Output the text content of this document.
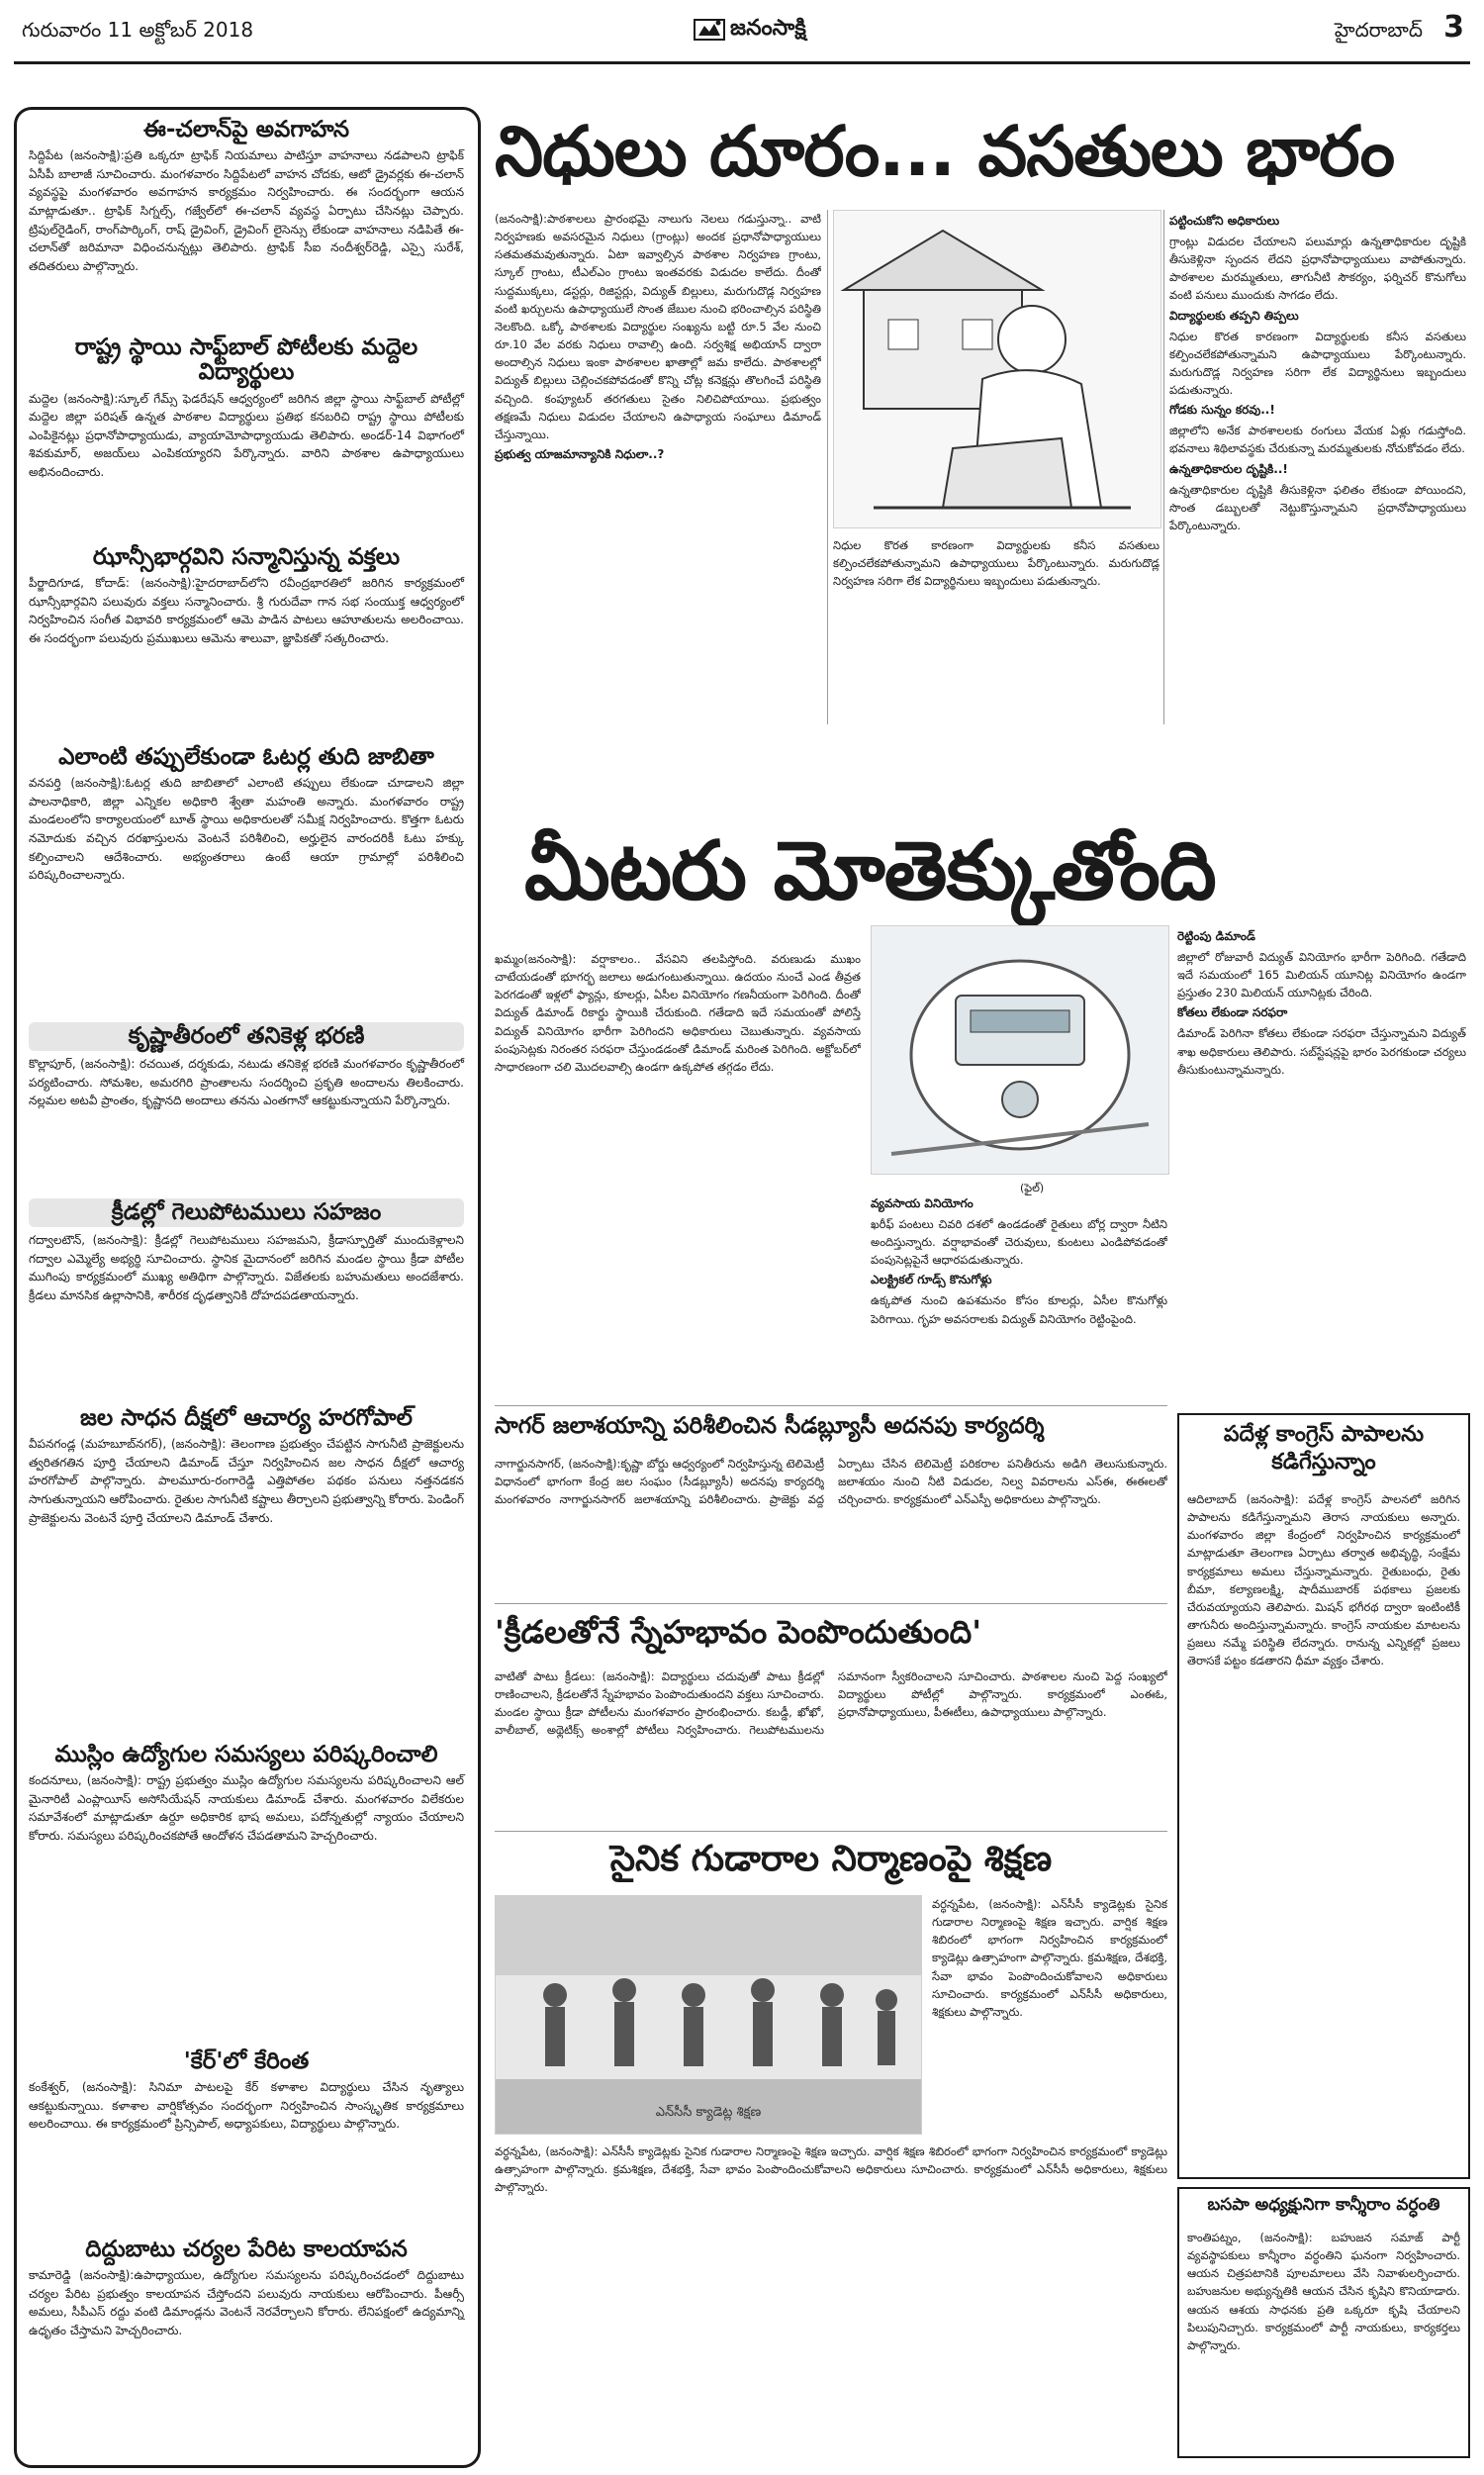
గురువారం 11 అక్టోబర్‌ 2018	జనంసాక్షి	హైదరాబాద్‌ 3
ఈ-చలాన్‌పై అవగాహన

సిద్దిపేట (జనంసాక్షి):ప్రతి ఒక్కరూ ట్రాఫిక్‌ నియమాలు పాటిస్తూ వాహనాలు నడపాలని ట్రాఫిక్‌ ఏసీపీ బాలాజీ సూచించారు. మంగళవారం సిద్దిపేటలో వాహన చోదకు, ఆటో డ్రైవర్లకు ఈ-చలాన్‌ వ్యవస్థపై మంగళవారం అవగాహన కార్యక్రమం నిర్వహించారు. ఈ సందర్భంగా ఆయన మాట్లాడుతూ.. ట్రాఫిక్‌ సిగ్నల్స్‌, గజ్వేల్‌లో ఈ-చలాన్‌ వ్యవస్థ ఏర్పాటు చేసినట్లు చెప్పారు. ట్రిపుల్‌రైడింగ్‌, రాంగ్‌పార్కింగ్‌, రాష్‌ డ్రైవింగ్‌, డ్రైవింగ్‌ లైసెన్సు లేకుండా వాహనాలు నడిపితే ఈ-చలాన్‌తో జరిమానా విధించనున్నట్లు తెలిపారు. ట్రాఫిక్‌ సీఐ నందీశ్వర్‌రెడ్డి, ఎస్సై సురేశ్‌, తదితరులు పాల్గొన్నారు.

రాష్ట్ర స్థాయి సాఫ్ట్‌బాల్‌ పోటీలకు మద్దెల విద్యార్థులు

మద్దెల (జనంసాక్షి):స్కూల్‌ గేమ్స్‌ ఫెడరేషన్‌ ఆధ్వర్యంలో జరిగిన జిల్లా స్థాయి సాఫ్ట్‌బాల్‌ పోటీల్లో మద్దెల జిల్లా పరిషత్‌ ఉన్నత పాఠశాల విద్యార్థులు ప్రతిభ కనబరిచి రాష్ట్ర స్థాయి పోటీలకు ఎంపికైనట్లు ప్రధానోపాధ్యాయుడు, వ్యాయామోపాధ్యాయుడు తెలిపారు. అండర్‌-14 విభాగంలో శివకుమార్‌, అజయ్‌లు ఎంపికయ్యారని పేర్కొన్నారు. వారిని పాఠశాల ఉపాధ్యాయులు అభినందించారు.

ఝాన్సీభార్గవిని సన్మానిస్తున్న వక్తలు

పీర్జాదిగూడ, కోదాడ్‌: (జనంసాక్షి):హైదరాబాద్‌లోని రవీంద్రభారతిలో జరిగిన కార్యక్రమంలో ఝాన్సీభార్గవిని పలువురు వక్తలు సన్మానించారు. శ్రీ గురుదేవా గాన సభ సంయుక్త ఆధ్వర్యంలో నిర్వహించిన సంగీత విభావరి కార్యక్రమంలో ఆమె పాడిన పాటలు ఆహూతులను అలరించాయి. ఈ సందర్భంగా పలువురు ప్రముఖులు ఆమెను శాలువా, జ్ఞాపికతో సత్కరించారు.

ఎలాంటి తప్పులేకుండా ఓటర్ల తుది జాబితా

వనపర్తి (జనంసాక్షి):ఓటర్ల తుది జాబితాలో ఎలాంటి తప్పులు లేకుండా చూడాలని జిల్లా పాలనాధికారి, జిల్లా ఎన్నికల అధికారి శ్వేతా మహంతి అన్నారు. మంగళవారం రాష్ట్ర మండలంలోని కార్యాలయంలో బూత్‌ స్థాయి అధికారులతో సమీక్ష నిర్వహించారు. కొత్తగా ఓటరు నమోదుకు వచ్చిన దరఖాస్తులను వెంటనే పరిశీలించి, అర్హులైన వారందరికీ ఓటు హక్కు కల్పించాలని ఆదేశించారు. అభ్యంతరాలు ఉంటే ఆయా గ్రామాల్లో పరిశీలించి పరిష్కరించాలన్నారు.

కృష్ణాతీరంలో తనికెళ్ల భరణి

కొల్లాపూర్‌, (జనంసాక్షి): రచయిత, దర్శకుడు, నటుడు తనికెళ్ల భరణి మంగళవారం కృష్ణాతీరంలో పర్యటించారు. సోమశిల, అమరగిరి ప్రాంతాలను సందర్శించి ప్రకృతి అందాలను తిలకించారు. నల్లమల అటవీ ప్రాంతం, కృష్ణానది అందాలు తనను ఎంతగానో ఆకట్టుకున్నాయని పేర్కొన్నారు.

క్రీడల్లో గెలుపోటములు సహజం

గద్వాలటౌన్‌, (జనంసాక్షి): క్రీడల్లో గెలుపోటములు సహజమని, క్రీడాస్ఫూర్తితో ముందుకెళ్లాలని గద్వాల ఎమ్మెల్యే అభ్యర్థి సూచించారు. స్థానిక మైదానంలో జరిగిన మండల స్థాయి క్రీడా పోటీల ముగింపు కార్యక్రమంలో ముఖ్య అతిథిగా పాల్గొన్నారు. విజేతలకు బహుమతులు అందజేశారు. క్రీడలు మానసిక ఉల్లాసానికి, శారీరక దృఢత్వానికి దోహదపడతాయన్నారు.

జల సాధన దీక్షలో ఆచార్య హరగోపాల్‌

వీపనగండ్ల (మహబూబ్‌నగర్‌), (జనంసాక్షి): తెలంగాణ ప్రభుత్వం చేపట్టిన సాగునీటి ప్రాజెక్టులను త్వరితగతిన పూర్తి చేయాలని డిమాండ్‌ చేస్తూ నిర్వహించిన జల సాధన దీక్షలో ఆచార్య హరగోపాల్‌ పాల్గొన్నారు. పాలమూరు-రంగారెడ్డి ఎత్తిపోతల పథకం పనులు నత్తనడకన సాగుతున్నాయని ఆరోపించారు. రైతుల సాగునీటి కష్టాలు తీర్చాలని ప్రభుత్వాన్ని కోరారు. పెండింగ్‌ ప్రాజెక్టులను వెంటనే పూర్తి చేయాలని డిమాండ్‌ చేశారు.

ముస్లిం ఉద్యోగుల సమస్యలు పరిష్కరించాలి

కందనూలు, (జనంసాక్షి): రాష్ట్ర ప్రభుత్వం ముస్లిం ఉద్యోగుల సమస్యలను పరిష్కరించాలని ఆల్‌ మైనారిటీ ఎంప్లాయీస్‌ అసోసియేషన్‌ నాయకులు డిమాండ్‌ చేశారు. మంగళవారం విలేకరుల సమావేశంలో మాట్లాడుతూ ఉర్దూ అధికారిక భాష అమలు, పదోన్నతుల్లో న్యాయం చేయాలని కోరారు. సమస్యలు పరిష్కరించకపోతే ఆందోళన చేపడతామని హెచ్చరించారు.

'కేర్‌'లో కేరింత

కంకేశ్వర్‌, (జనంసాక్షి): సినిమా పాటలపై కేర్‌ కళాశాల విద్యార్థులు చేసిన నృత్యాలు ఆకట్టుకున్నాయి. కళాశాల వార్షికోత్సవం సందర్భంగా నిర్వహించిన సాంస్కృతిక కార్యక్రమాలు అలరించాయి. ఈ కార్యక్రమంలో ప్రిన్సిపాల్‌, అధ్యాపకులు, విద్యార్థులు పాల్గొన్నారు.

దిద్దుబాటు చర్యల పేరిట కాలయాపన

కామారెడ్డి (జనంసాక్షి):ఉపాధ్యాయుల, ఉద్యోగుల సమస్యలను పరిష్కరించడంలో దిద్దుబాటు చర్యల పేరిట ప్రభుత్వం కాలయాపన చేస్తోందని పలువురు నాయకులు ఆరోపించారు. పీఆర్సీ అమలు, సీపీఎస్‌ రద్దు వంటి డిమాండ్లను వెంటనే నెరవేర్చాలని కోరారు. లేనిపక్షంలో ఉద్యమాన్ని ఉధృతం చేస్తామని హెచ్చరించారు.

నిధులు దూరం... వసతులు భారం

(జనంసాక్షి):పాఠశాలలు ప్రారంభమై నాలుగు నెలలు గడుస్తున్నా.. వాటి నిర్వహణకు అవసరమైన నిధులు (గ్రాంట్లు) అందక ప్రధానోపాధ్యాయులు సతమతమవుతున్నారు. ఏటా ఇవ్వాల్సిన పాఠశాల నిర్వహణ గ్రాంటు, స్కూల్‌ గ్రాంటు, టీఎల్‌ఎం గ్రాంటు ఇంతవరకు విడుదల కాలేదు. దీంతో సుద్దముక్కలు, డస్టర్లు, రిజిస్టర్లు, విద్యుత్‌ బిల్లులు, మరుగుదొడ్ల నిర్వహణ వంటి ఖర్చులను ఉపాధ్యాయులే సొంత జేబుల నుంచి భరించాల్సిన పరిస్థితి నెలకొంది. ఒక్కో పాఠశాలకు విద్యార్థుల సంఖ్యను బట్టి రూ.5 వేల నుంచి రూ.10 వేల వరకు నిధులు రావాల్సి ఉంది. సర్వశిక్ష అభియాన్‌ ద్వారా అందాల్సిన నిధులు ఇంకా పాఠశాలల ఖాతాల్లో జమ కాలేదు. పాఠశాలల్లో విద్యుత్‌ బిల్లులు చెల్లించకపోవడంతో కొన్ని చోట్ల కనెక్షన్లు తొలగించే పరిస్థితి వచ్చింది. కంప్యూటర్‌ తరగతులు సైతం నిలిచిపోయాయి. ప్రభుత్వం తక్షణమే నిధులు విడుదల చేయాలని ఉపాధ్యాయ సంఘాలు డిమాండ్‌ చేస్తున్నాయి.

ప్రభుత్వ యాజమాన్యానికి నిధులా..?
పట్టించుకోని అధికారులు

గ్రాంట్లు విడుదల చేయాలని పలుమార్లు ఉన్నతాధికారుల దృష్టికి తీసుకెళ్లినా స్పందన లేదని ప్రధానోపాధ్యాయులు వాపోతున్నారు. పాఠశాలల మరమ్మతులు, తాగునీటి సౌకర్యం, ఫర్నిచర్‌ కొనుగోలు వంటి పనులు ముందుకు సాగడం లేదు.

విద్యార్థులకు తప్పని తిప్పలు

నిధుల కొరత కారణంగా విద్యార్థులకు కనీస వసతులు కల్పించలేకపోతున్నామని ఉపాధ్యాయులు పేర్కొంటున్నారు. మరుగుదొడ్ల నిర్వహణ సరిగా లేక విద్యార్థినులు ఇబ్బందులు పడుతున్నారు.

గోడకు సున్నం కరవు..!

జిల్లాలోని అనేక పాఠశాలలకు రంగులు వేయక ఏళ్లు గడుస్తోంది. భవనాలు శిథిలావస్థకు చేరుకున్నా మరమ్మతులకు నోచుకోవడం లేదు.

ఉన్నతాధికారుల దృష్టికి..!

ఉన్నతాధికారుల దృష్టికి తీసుకెళ్లినా ఫలితం లేకుండా పోయిందని, సొంత డబ్బులతో నెట్టుకొస్తున్నామని ప్రధానోపాధ్యాయులు పేర్కొంటున్నారు.

నిధుల కొరత కారణంగా విద్యార్థులకు కనీస వసతులు కల్పించలేకపోతున్నామని ఉపాధ్యాయులు పేర్కొంటున్నారు. మరుగుదొడ్ల నిర్వహణ సరిగా లేక విద్యార్థినులు ఇబ్బందులు పడుతున్నారు.

మీటరు మోతెక్కుతోంది

ఖమ్మం(జనంసాక్షి): వర్షాకాలం.. వేసవిని తలపిస్తోంది. వరుణుడు ముఖం చాటేయడంతో భూగర్భ జలాలు అడుగంటుతున్నాయి. ఉదయం నుంచే ఎండ తీవ్రత పెరగడంతో ఇళ్లలో ఫ్యాన్లు, కూలర్లు, ఏసీల వినియోగం గణనీయంగా పెరిగింది. దీంతో విద్యుత్‌ డిమాండ్‌ రికార్డు స్థాయికి చేరుకుంది. గతేడాది ఇదే సమయంతో పోలిస్తే విద్యుత్‌ వినియోగం భారీగా పెరిగిందని అధికారులు చెబుతున్నారు. వ్యవసాయ పంపుసెట్లకు నిరంతర సరఫరా చేస్తుండడంతో డిమాండ్‌ మరింత పెరిగింది. అక్టోబర్‌లో సాధారణంగా చలి మొదలవాల్సి ఉండగా ఉక్కపోత తగ్గడం లేదు.

(ఫైల్‌)
వ్యవసాయ వినియోగం

ఖరీఫ్‌ పంటలు చివరి దశలో ఉండడంతో రైతులు బోర్ల ద్వారా నీటిని అందిస్తున్నారు. వర్షాభావంతో చెరువులు, కుంటలు ఎండిపోవడంతో పంపుసెట్లపైనే ఆధారపడుతున్నారు.

ఎలక్ట్రికల్‌ గూడ్స్‌ కొనుగోళ్లు

ఉక్కపోత నుంచి ఉపశమనం కోసం కూలర్లు, ఏసీల కొనుగోళ్లు పెరిగాయి. గృహ అవసరాలకు విద్యుత్‌ వినియోగం రెట్టింపైంది.

రెట్టింపు డిమాండ్‌

జిల్లాలో రోజువారీ విద్యుత్‌ వినియోగం భారీగా పెరిగింది. గతేడాది ఇదే సమయంలో 165 మిలియన్‌ యూనిట్ల వినియోగం ఉండగా ప్రస్తుతం 230 మిలియన్‌ యూనిట్లకు చేరింది.

కోతలు లేకుండా సరఫరా

డిమాండ్‌ పెరిగినా కోతలు లేకుండా సరఫరా చేస్తున్నామని విద్యుత్‌ శాఖ అధికారులు తెలిపారు. సబ్‌స్టేషన్లపై భారం పెరగకుండా చర్యలు తీసుకుంటున్నామన్నారు.

సాగర్‌ జలాశయాన్ని పరిశీలించిన సీడబ్ల్యూసీ అదనపు కార్యదర్శి

నాగార్జునసాగర్‌, (జనంసాక్షి):కృష్ణా బోర్డు ఆధ్వర్యంలో నిర్వహిస్తున్న టెలిమెట్రీ విధానంలో భాగంగా కేంద్ర జల సంఘం (సీడబ్ల్యూసీ) అదనపు కార్యదర్శి మంగళవారం నాగార్జునసాగర్‌ జలాశయాన్ని పరిశీలించారు. ప్రాజెక్టు వద్ద ఏర్పాటు చేసిన టెలిమెట్రీ పరికరాల పనితీరును అడిగి తెలుసుకున్నారు. జలాశయం నుంచి నీటి విడుదల, నిల్వ వివరాలను ఎస్‌ఈ, ఈఈలతో చర్చించారు. కార్యక్రమంలో ఎన్‌ఎస్పీ అధికారులు పాల్గొన్నారు.

'క్రీడలతోనే స్నేహభావం పెంపొందుతుంది'

వాటితో పాటు క్రీడలు: (జనంసాక్షి): విద్యార్థులు చదువుతో పాటు క్రీడల్లో రాణించాలని, క్రీడలతోనే స్నేహభావం పెంపొందుతుందని వక్తలు సూచించారు. మండల స్థాయి క్రీడా పోటీలను మంగళవారం ప్రారంభించారు. కబడ్డీ, ఖోఖో, వాలీబాల్‌, అథ్లెటిక్స్‌ అంశాల్లో పోటీలు నిర్వహించారు. గెలుపోటములను సమానంగా స్వీకరించాలని సూచించారు. పాఠశాలల నుంచి పెద్ద సంఖ్యలో విద్యార్థులు పోటీల్లో పాల్గొన్నారు. కార్యక్రమంలో ఎంఈఓ, ప్రధానోపాధ్యాయులు, పీఈటీలు, ఉపాధ్యాయులు పాల్గొన్నారు.

సైనిక గుడారాల నిర్మాణంపై శిక్షణ
ఎన్‌సీసీ క్యాడెట్ల శిక్షణ

వర్ధన్నపేట, (జనంసాక్షి): ఎన్‌సీసీ క్యాడెట్లకు సైనిక గుడారాల నిర్మాణంపై శిక్షణ ఇచ్చారు. వార్షిక శిక్షణ శిబిరంలో భాగంగా నిర్వహించిన కార్యక్రమంలో క్యాడెట్లు ఉత్సాహంగా పాల్గొన్నారు. క్రమశిక్షణ, దేశభక్తి, సేవా భావం పెంపొందించుకోవాలని అధికారులు సూచించారు. కార్యక్రమంలో ఎన్‌సీసీ అధికారులు, శిక్షకులు పాల్గొన్నారు.

వర్ధన్నపేట, (జనంసాక్షి): ఎన్‌సీసీ క్యాడెట్లకు సైనిక గుడారాల నిర్మాణంపై శిక్షణ ఇచ్చారు. వార్షిక శిక్షణ శిబిరంలో భాగంగా నిర్వహించిన కార్యక్రమంలో క్యాడెట్లు ఉత్సాహంగా పాల్గొన్నారు. క్రమశిక్షణ, దేశభక్తి, సేవా భావం పెంపొందించుకోవాలని అధికారులు సూచించారు. కార్యక్రమంలో ఎన్‌సీసీ అధికారులు, శిక్షకులు పాల్గొన్నారు.

పదేళ్ల కాంగ్రెస్‌ పాపాలను కడిగేస్తున్నాం

ఆదిలాబాద్‌ (జనంసాక్షి): పదేళ్ల కాంగ్రెస్‌ పాలనలో జరిగిన పాపాలను కడిగేస్తున్నామని తెరాస నాయకులు అన్నారు. మంగళవారం జిల్లా కేంద్రంలో నిర్వహించిన కార్యక్రమంలో మాట్లాడుతూ తెలంగాణ ఏర్పాటు తర్వాత అభివృద్ధి, సంక్షేమ కార్యక్రమాలు అమలు చేస్తున్నామన్నారు. రైతుబంధు, రైతు బీమా, కల్యాణలక్ష్మి, షాదీముబారక్‌ పథకాలు ప్రజలకు చేరువయ్యాయని తెలిపారు. మిషన్‌ భగీరథ ద్వారా ఇంటింటికీ తాగునీరు అందిస్తున్నామన్నారు. కాంగ్రెస్‌ నాయకుల మాటలను ప్రజలు నమ్మే పరిస్థితి లేదన్నారు. రానున్న ఎన్నికల్లో ప్రజలు తెరాసకే పట్టం కడతారని ధీమా వ్యక్తం చేశారు.

బసపా అధ్యక్షునిగా కాన్శీరాం వర్ధంతి

కాంతిపట్నం, (జనంసాక్షి): బహుజన సమాజ్‌ పార్టీ వ్యవస్థాపకులు కాన్శీరాం వర్ధంతిని ఘనంగా నిర్వహించారు. ఆయన చిత్రపటానికి పూలమాలలు వేసి నివాళులర్పించారు. బహుజనుల అభ్యున్నతికి ఆయన చేసిన కృషిని కొనియాడారు. ఆయన ఆశయ సాధనకు ప్రతి ఒక్కరూ కృషి చేయాలని పిలుపునిచ్చారు. కార్యక్రమంలో పార్టీ నాయకులు, కార్యకర్తలు పాల్గొన్నారు.
